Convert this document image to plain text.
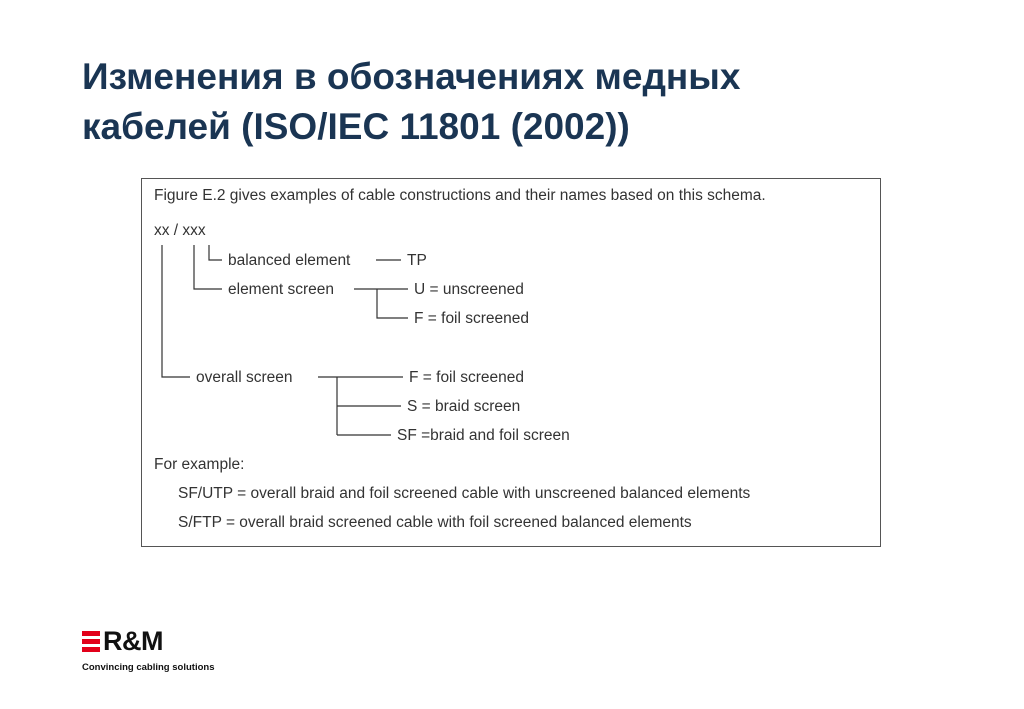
Изменения в обозначениях медных
кабелей (ISO/IEC 11801 (2002))
Figure E.2 gives examples of cable constructions and their names based on this schema.
xx / xxx
balanced element	TP
element screen	U = unscreened
F = foil screened
overall screen	F = foil screened
S = braid screen
SF =braid and foil screen
For example:
SF/UTP = overall braid and foil screened cable with unscreened balanced elements
S/FTP = overall braid screened cable with foil screened balanced elements
R&M
Convincing cabling solutions
